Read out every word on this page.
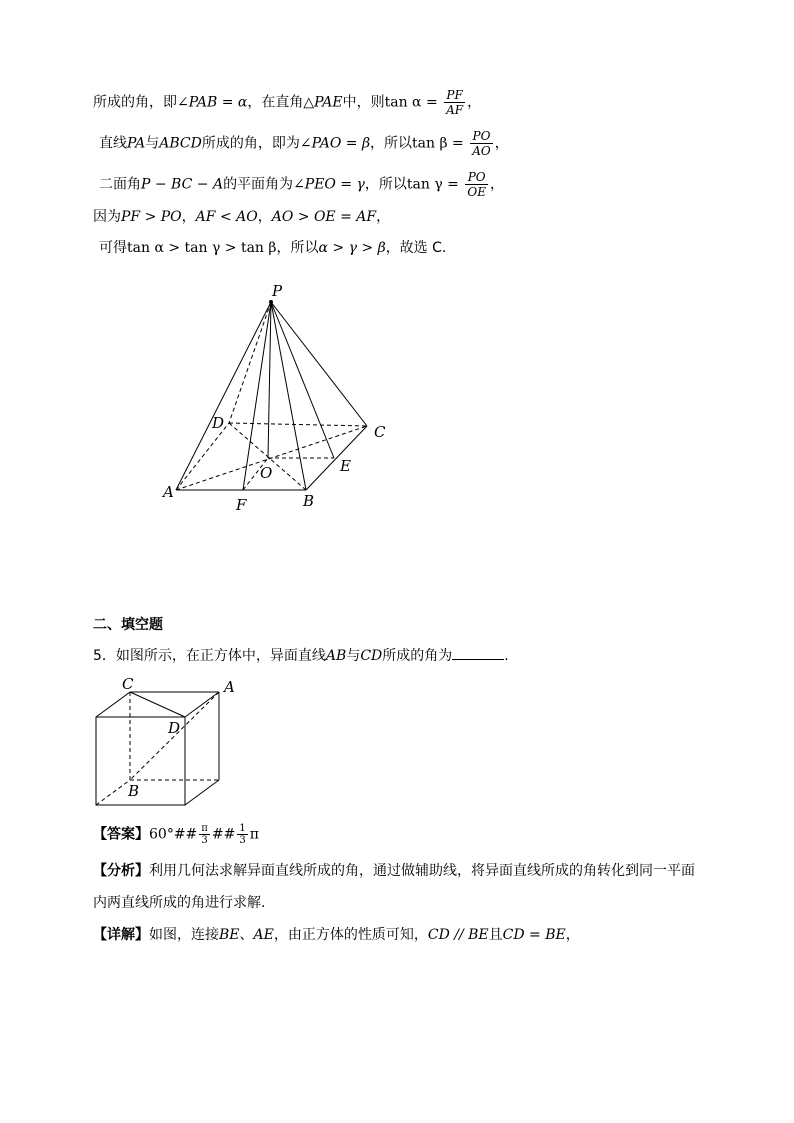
所成的角，即∠PAB = α，在直角△PAE中，则$\tan \alpha = \frac{PF}{AF}$ ，
直线PA与ABCD所成的角，即为∠PAO = β，所以$\tan \beta = \frac{PO}{AO}$ ，
二面角P − BC − A的平面角为∠PEO = γ，所以$\tan \gamma = \frac{PO}{OE}$ ，
因为PF > PO，AF < AO，AO > OE = AF，
可得tan α > tan γ > tan β，所以α > γ > β，故选 C.
P
D	C
O	E
A
F	B
二、填空题
5．如图所示，在正方体中，异面直线AB与CD所成的角为	.
C	A
D
B
【答案】60°## $\frac{\pi}{3}$ ## $\frac{1}{3}$ π
【分析】利用几何法求解异面直线所成的角，通过做辅助线，将异面直线所成的角转化到同一平面
内两直线所成的角进行求解.
【详解】如图，连接BE、AE，由正方体的性质可知，CD // BE且CD = BE，
